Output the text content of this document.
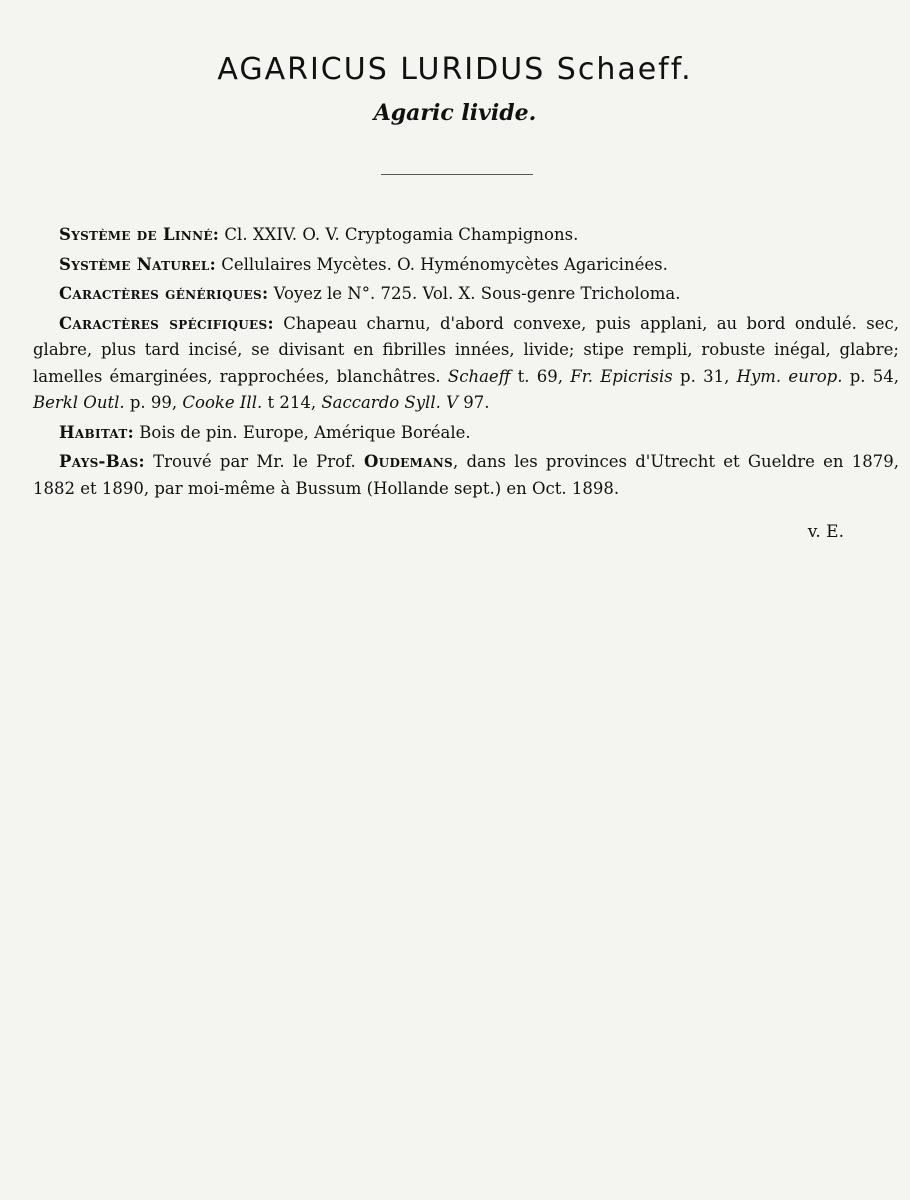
AGARICUS LURIDUS Schaeff.
Agaric livide.

Système de Linné: Cl. XXIV. O. V. Cryptogamia Champignons.

Système Naturel: Cellulaires Mycètes. O. Hyménomycètes Agaricinées.

Caractères génériques: Voyez le N°. 725. Vol. X. Sous-genre Tricholoma.

Caractères spécifiques: Chapeau charnu, d'abord convexe, puis applani, au bord ondulé. sec, glabre, plus tard incisé, se divisant en fibrilles innées, livide; stipe rempli, robuste inégal, glabre; lamelles émarginées, rapprochées, blanchâtres. Schaeff t. 69, Fr. Epicrisis p. 31, Hym. europ. p. 54, Berkl Outl. p. 99, Cooke Ill. t 214, Saccardo Syll. V 97.

Habitat: Bois de pin. Europe, Amérique Boréale.

Pays-Bas: Trouvé par Mr. le Prof. Oudemans, dans les provinces d'Utrecht et Gueldre en 1879, 1882 et 1890, par moi-même à Bussum (Hollande sept.) en Oct. 1898.

v. E.
